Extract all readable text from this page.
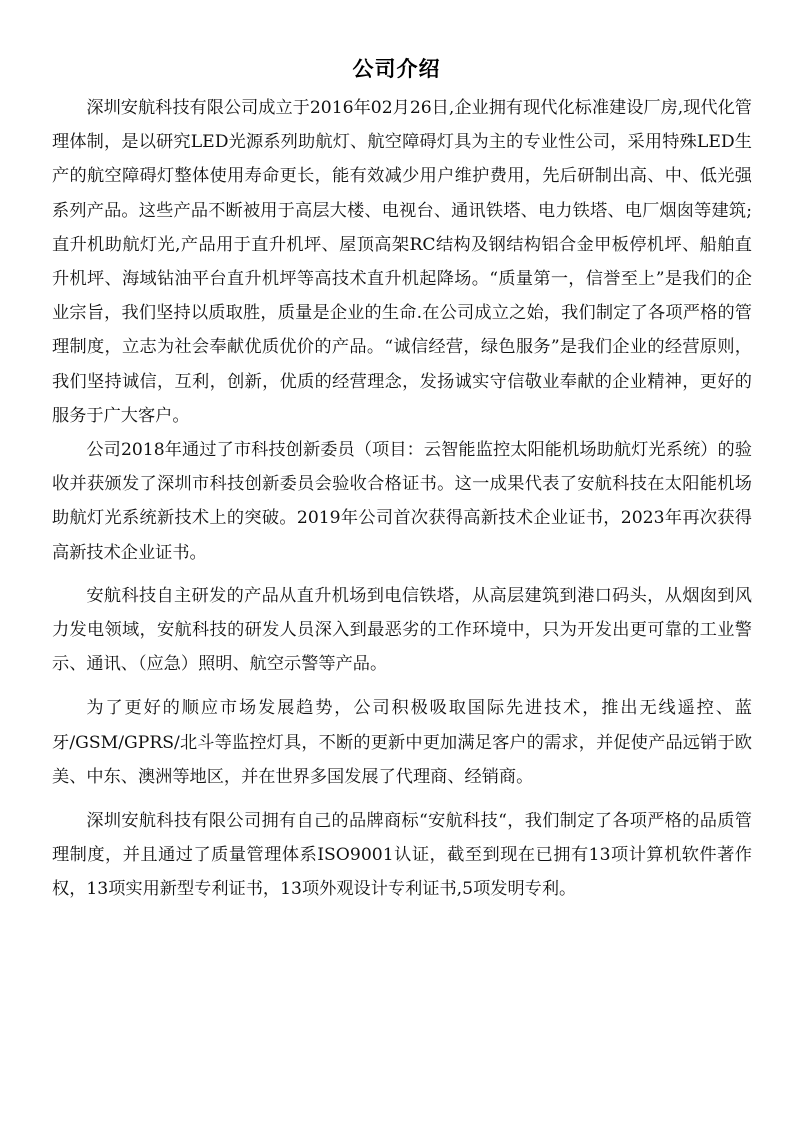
公司介绍

深圳安航科技有限公司成立于2016年02月26日,企业拥有现代化标准建设厂房,现代化管理体制，是以研究LED光源系列助航灯、航空障碍灯具为主的专业性公司，采用特殊LED生产的航空障碍灯整体使用寿命更长，能有效减少用户维护费用，先后研制出高、中、低光强系列产品。这些产品不断被用于高层大楼、电视台、通讯铁塔、电力铁塔、电厂烟囱等建筑;直升机助航灯光,产品用于直升机坪、屋顶高架RC结构及钢结构铝合金甲板停机坪、船舶直升机坪、海域钻油平台直升机坪等高技术直升机起降场。“质量第一，信誉至上”是我们的企业宗旨，我们坚持以质取胜，质量是企业的生命.在公司成立之始，我们制定了各项严格的管理制度，立志为社会奉献优质优价的产品。“诚信经营，绿色服务”是我们企业的经营原则，我们坚持诚信，互利，创新，优质的经营理念，发扬诚实守信敬业奉献的企业精神，更好的服务于广大客户。

公司2018年通过了市科技创新委员（项目：云智能监控太阳能机场助航灯光系统）的验收并获颁发了深圳市科技创新委员会验收合格证书。这一成果代表了安航科技在太阳能机场助航灯光系统新技术上的突破。2019年公司首次获得高新技术企业证书，2023年再次获得高新技术企业证书。

安航科技自主研发的产品从直升机场到电信铁塔，从高层建筑到港口码头，从烟囱到风力发电领域，安航科技的研发人员深入到最恶劣的工作环境中，只为开发出更可靠的工业警示、通讯、（应急）照明、航空示警等产品。

为了更好的顺应市场发展趋势，公司积极吸取国际先进技术，推出无线遥控、蓝牙/GSM/GPRS/北斗等监控灯具，不断的更新中更加满足客户的需求，并促使产品远销于欧美、中东、澳洲等地区，并在世界多国发展了代理商、经销商。

深圳安航科技有限公司拥有自己的品牌商标“安航科技“，我们制定了各项严格的品质管理制度，并且通过了质量管理体系ISO9001认证，截至到现在已拥有13项计算机软件著作权，13项实用新型专利证书，13项外观设计专利证书,5项发明专利。
